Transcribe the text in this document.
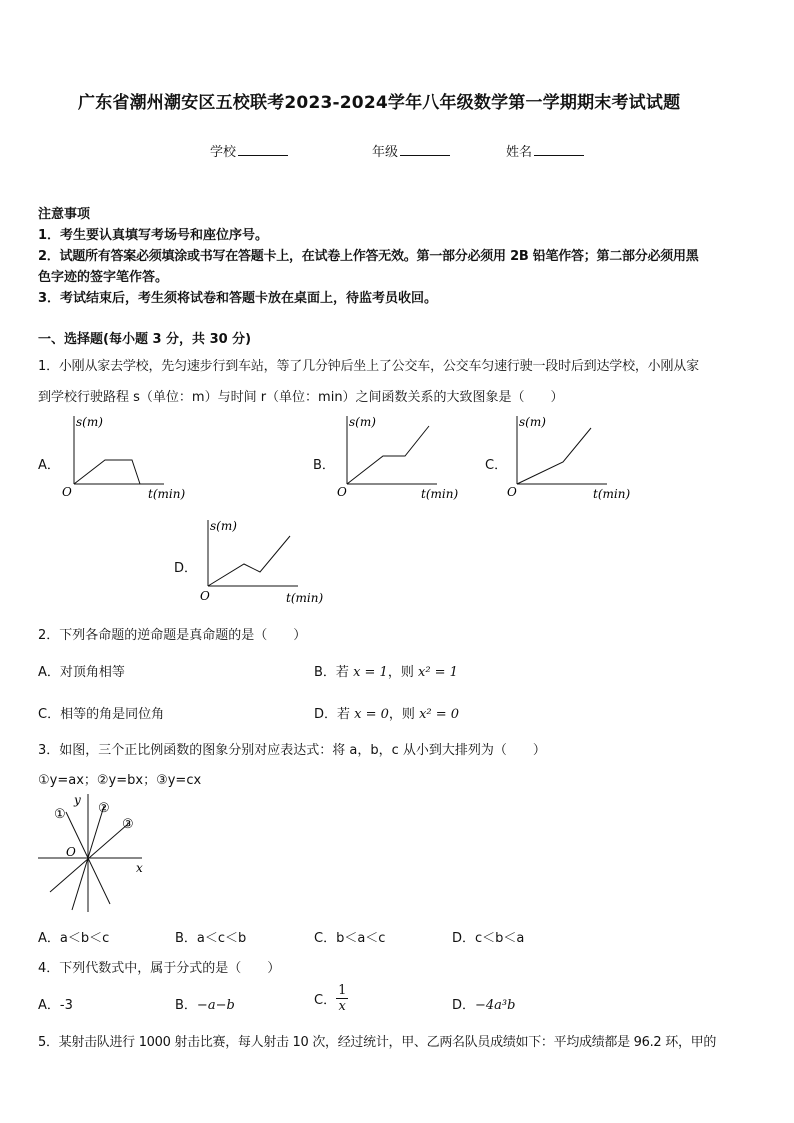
广东省潮州潮安区五校联考2023-2024学年八年级数学第一学期期末考试试题
学校	年级	姓名
注意事项
1．考生要认真填写考场号和座位序号。
2．试题所有答案必须填涂或书写在答题卡上，在试卷上作答无效。第一部分必须用 2B 铅笔作答；第二部分必须用黑
色字迹的签字笔作答。
3．考试结束后，考生须将试卷和答题卡放在桌面上，待监考员收回。
一、选择题(每小题 3 分，共 30 分)
1．小刚从家去学校，先匀速步行到车站，等了几分钟后坐上了公交车，公交车匀速行驶一段时后到达学校，小刚从家
到学校行驶路程 s（单位：m）与时间 r（单位：min）之间函数关系的大致图象是（　　）
A．
s(m)
O	t(min)
B．
s(m)
O	t(min)
C．
s(m)
O	t(min)
D．
s(m)
O	t(min)
2．下列各命题的逆命题是真命题的是（　　）
A．对顶角相等	B．若 x = 1，则 x² = 1
C．相等的角是同位角	D．若 x = 0，则 x² = 0
3．如图，三个正比例函数的图象分别对应表达式：将 a，b，c 从小到大排列为（　　）
①y=ax；②y=bx；③y=cx
y
x
O
① ②
③
A．a＜b＜c	B．a＜c＜b	C．b＜a＜c	D．c＜b＜a
4．下列代数式中，属于分式的是（　　）
A．-3	B．−a−b	C． $\frac{1}{x}$	D．−4a³b
5．某射击队进行 1000 射击比赛，每人射击 10 次，经过统计，甲、乙两名队员成绩如下：平均成绩都是 96.2 环，甲的
